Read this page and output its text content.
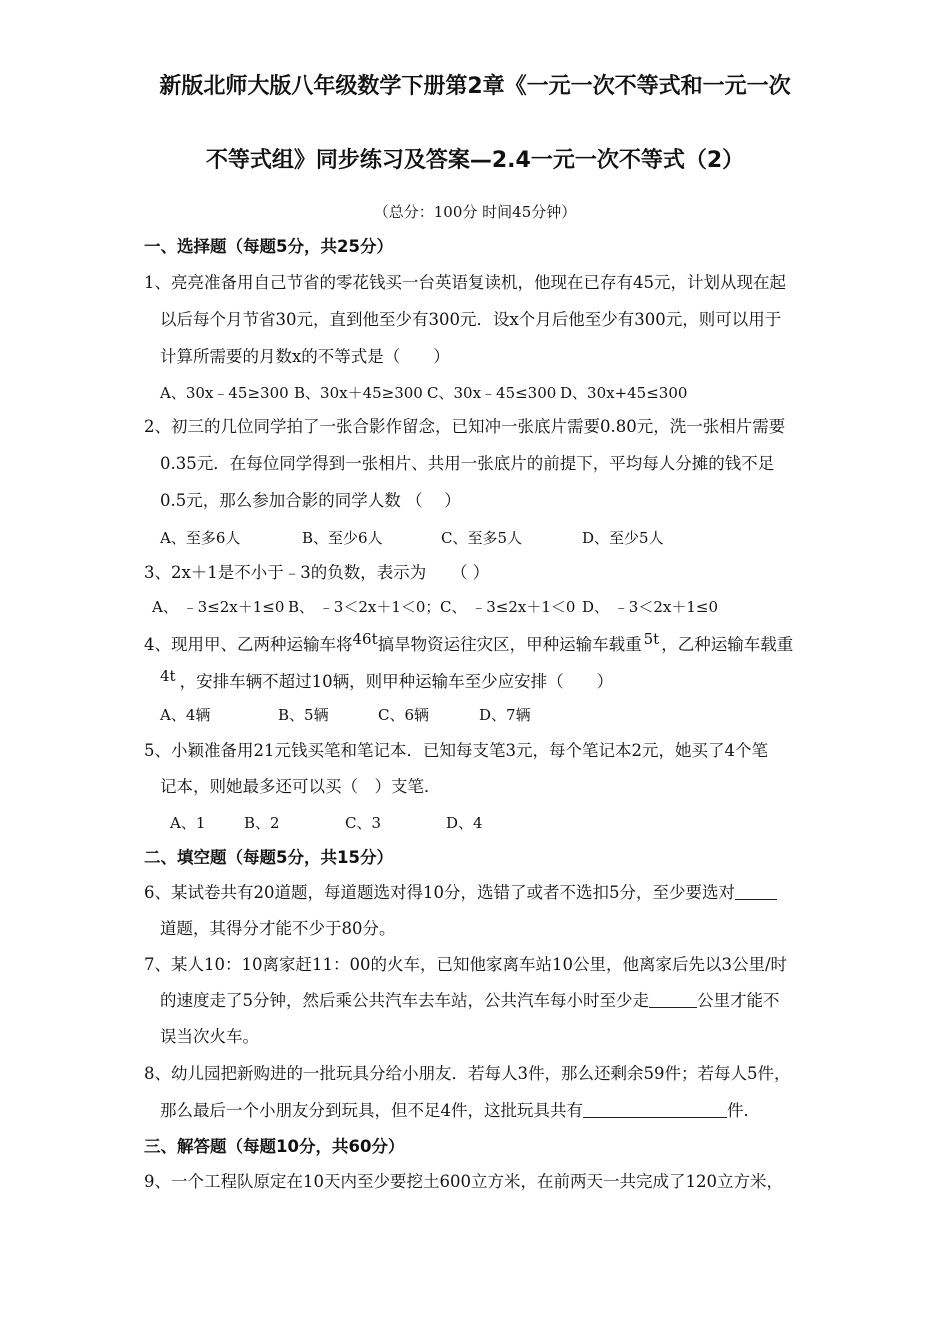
新版北师大版八年级数学下册第2章《一元一次不等式和一元一次
不等式组》同步练习及答案—2.4一元一次不等式（2）
（总分：100分 时间45分钟）
一、选择题（每题5分，共25分）
1、亮亮准备用自己节省的零花钱买一台英语复读机，他现在已存有45元，计划从现在起
以后每个月节省30元，直到他至少有300元．设x个月后他至少有300元，则可以用于
计算所需要的月数x的不等式是（　　）
A、30x﹣45≥300 B、30x＋45≥300 C、30x﹣45≤300 D、30x+45≤300
2、初三的几位同学拍了一张合影作留念，已知冲一张底片需要0.80元，洗一张相片需要
0.35元．在每位同学得到一张相片、共用一张底片的前提下，平均每人分摊的钱不足
0.5元，那么参加合影的同学人数 （　 ）
A、至多6人	B、至少6人	C、至多5人	D、至少5人
3、2x＋1是不小于﹣3的负数，表示为　　（ ）
A、 ﹣3≤2x＋1≤0 B、 ﹣3＜2x＋1＜0； C、 ﹣3≤2x＋1＜0 D、 ﹣3＜2x＋1≤0
4、现用甲、乙两种运输车将46t搞旱物资运往灾区，甲种运输车载重 5t ，乙种运输车载重
4t ，安排车辆不超过10辆，则甲种运输车至少应安排（　　）
A、4辆	B、5辆	C、6辆	D、7辆
5、小颖准备用21元钱买笔和笔记本．已知每支笔3元，每个笔记本2元，她买了4个笔
记本，则她最多还可以买（　）支笔．
A、1	B、2	C、3	D、4
二、填空题（每题5分，共15分）
6、某试卷共有20道题，每道题选对得10分，选错了或者不选扣5分，至少要选对
道题，其得分才能不少于80分。
7、某人10：10离家赶11：00的火车，已知他家离车站10公里，他离家后先以3公里/时
的速度走了5分钟，然后乘公共汽车去车站，公共汽车每小时至少走	公里才能不
误当次火车。
8、幼儿园把新购进的一批玩具分给小朋友．若每人3件，那么还剩余59件；若每人5件，
那么最后一个小朋友分到玩具，但不足4件，这批玩具共有	件．
三、解答题（每题10分，共60分）
9、一个工程队原定在10天内至少要挖土600立方米，在前两天一共完成了120立方米，
